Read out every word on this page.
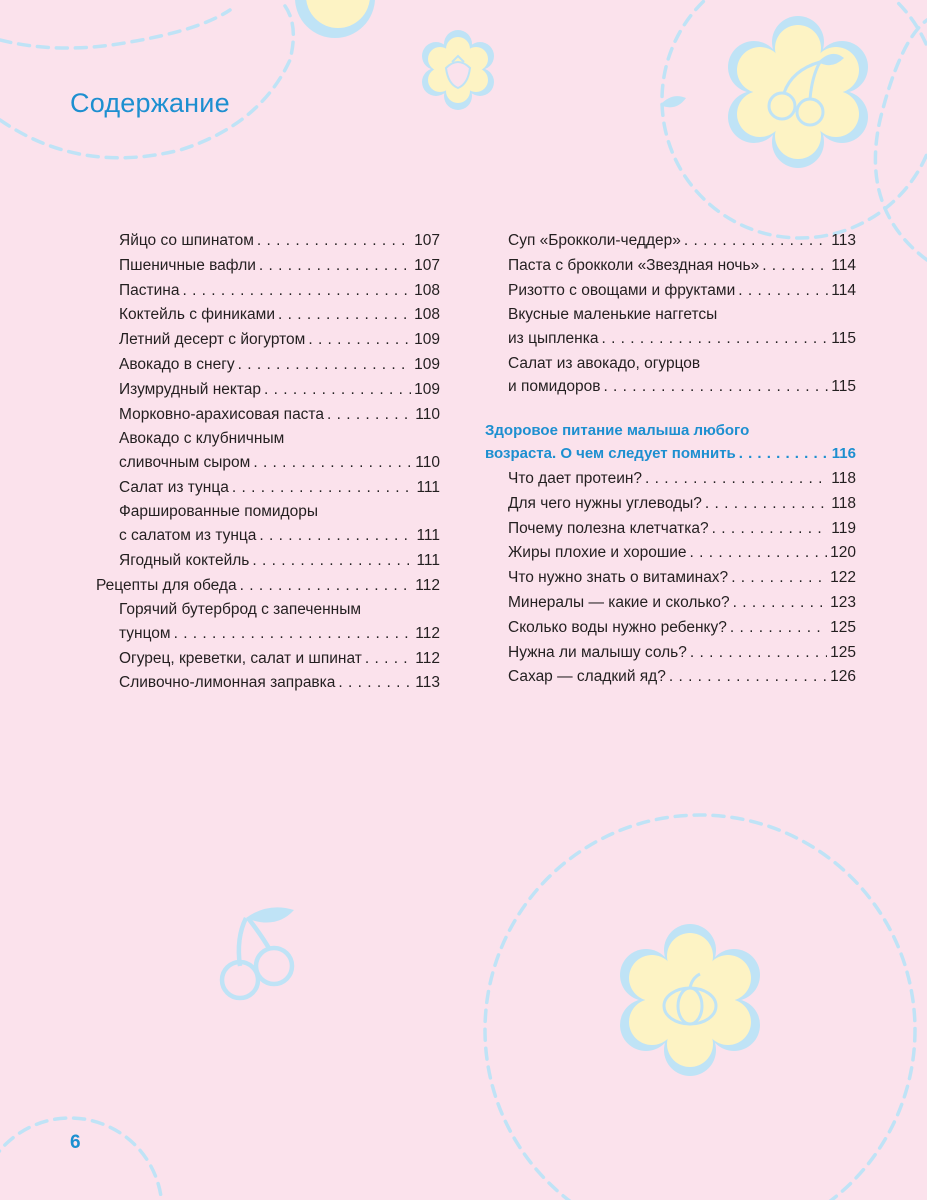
Содержание
Яйцо со шпинатом . . .	107
Пшеничные вафли . . .	107
Пастина . . .	108
Коктейль с финиками . . .	108
Летний десерт с йогуртом . . .	109
Авокадо в снегу . . .	109
Изумрудный нектар . . .	109
Морковно-арахисовая паста . . .	110
Авокадо с клубничным
сливочным сыром . . .	110
Салат из тунца . . .	111
Фаршированные помидоры
с салатом из тунца . . .	111
Ягодный коктейль . . .	111
Рецепты для обеда . . .	112
Горячий бутерброд с запеченным
тунцом . . .	112
Огурец, креветки, салат и шпинат . . .	112
Сливочно-лимонная заправка . . .	113
Суп «Брокколи-чеддер» . . .	113
Паста с брокколи «Звездная ночь» . . .	114
Ризотто с овощами и фруктами . . .	114
Вкусные маленькие наггетсы
из цыпленка . . .	115
Салат из авокадо, огурцов
и помидоров . . .	115
Здоровое питание малыша любого
возраста. О чем следует помнить . . .	116
Что дает протеин? . . .	118
Для чего нужны углеводы? . . .	118
Почему полезна клетчатка? . . .	119
Жиры плохие и хорошие . . .	120
Что нужно знать о витаминах? . . .	122
Минералы — какие и сколько? . . .	123
Сколько воды нужно ребенку? . . .	125
Нужна ли малышу соль? . . .	125
Сахар — сладкий яд? . . .	126
6
